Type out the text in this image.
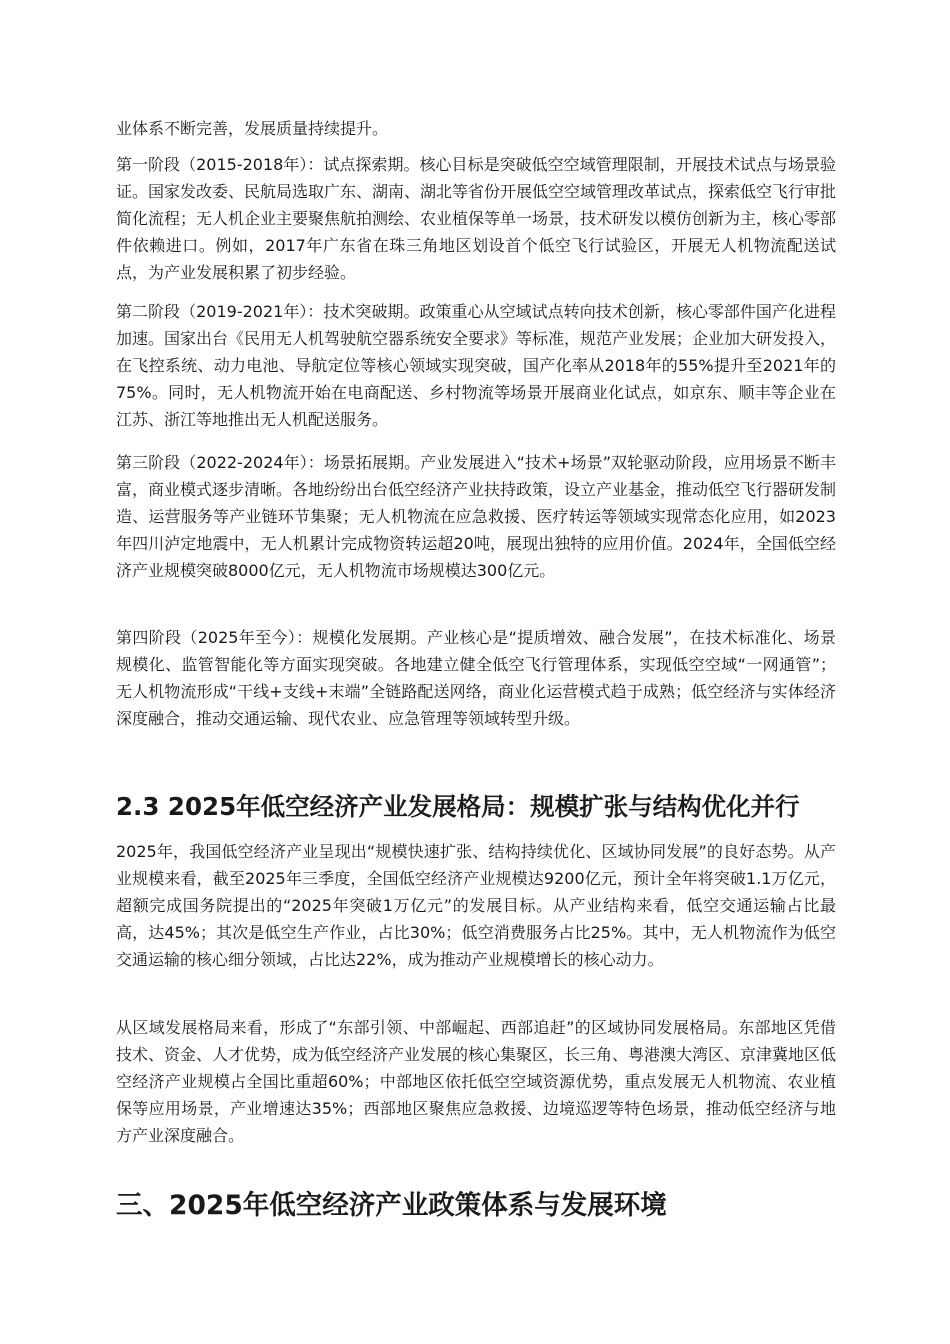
业体系不断完善，发展质量持续提升。

第一阶段（2015-2018年）：试点探索期。核心目标是突破低空空域管理限制，开展技术试点与场景验证。国家发改委、民航局选取广东、湖南、湖北等省份开展低空空域管理改革试点，探索低空飞行审批简化流程；无人机企业主要聚焦航拍测绘、农业植保等单一场景，技术研发以模仿创新为主，核心零部件依赖进口。例如，2017年广东省在珠三角地区划设首个低空飞行试验区，开展无人机物流配送试点，为产业发展积累了初步经验。

第二阶段（2019-2021年）：技术突破期。政策重心从空域试点转向技术创新，核心零部件国产化进程加速。国家出台《民用无人机驾驶航空器系统安全要求》等标准，规范产业发展；企业加大研发投入，在飞控系统、动力电池、导航定位等核心领域实现突破，国产化率从2018年的55%提升至2021年的75%。同时，无人机物流开始在电商配送、乡村物流等场景开展商业化试点，如京东、顺丰等企业在江苏、浙江等地推出无人机配送服务。

第三阶段（2022-2024年）：场景拓展期。产业发展进入“技术+场景”双轮驱动阶段，应用场景不断丰富，商业模式逐步清晰。各地纷纷出台低空经济产业扶持政策，设立产业基金，推动低空飞行器研发制造、运营服务等产业链环节集聚；无人机物流在应急救援、医疗转运等领域实现常态化应用，如2023年四川泸定地震中，无人机累计完成物资转运超20吨，展现出独特的应用价值。2024年，全国低空经济产业规模突破8000亿元，无人机物流市场规模达300亿元。

第四阶段（2025年至今）：规模化发展期。产业核心是“提质增效、融合发展”，在技术标准化、场景规模化、监管智能化等方面实现突破。各地建立健全低空飞行管理体系，实现低空空域“一网通管”；无人机物流形成“干线+支线+末端”全链路配送网络，商业化运营模式趋于成熟；低空经济与实体经济深度融合，推动交通运输、现代农业、应急管理等领域转型升级。

2.3 2025年低空经济产业发展格局：规模扩张与结构优化并行

2025年，我国低空经济产业呈现出“规模快速扩张、结构持续优化、区域协同发展”的良好态势。从产业规模来看，截至2025年三季度，全国低空经济产业规模达9200亿元，预计全年将突破1.1万亿元，超额完成国务院提出的“2025年突破1万亿元”的发展目标。从产业结构来看，低空交通运输占比最高，达45%；其次是低空生产作业，占比30%；低空消费服务占比25%。其中，无人机物流作为低空交通运输的核心细分领域，占比达22%，成为推动产业规模增长的核心动力。

从区域发展格局来看，形成了“东部引领、中部崛起、西部追赶”的区域协同发展格局。东部地区凭借技术、资金、人才优势，成为低空经济产业发展的核心集聚区，长三角、粤港澳大湾区、京津冀地区低空经济产业规模占全国比重超60%；中部地区依托低空空域资源优势，重点发展无人机物流、农业植保等应用场景，产业增速达35%；西部地区聚焦应急救援、边境巡逻等特色场景，推动低空经济与地方产业深度融合。

三、2025年低空经济产业政策体系与发展环境
